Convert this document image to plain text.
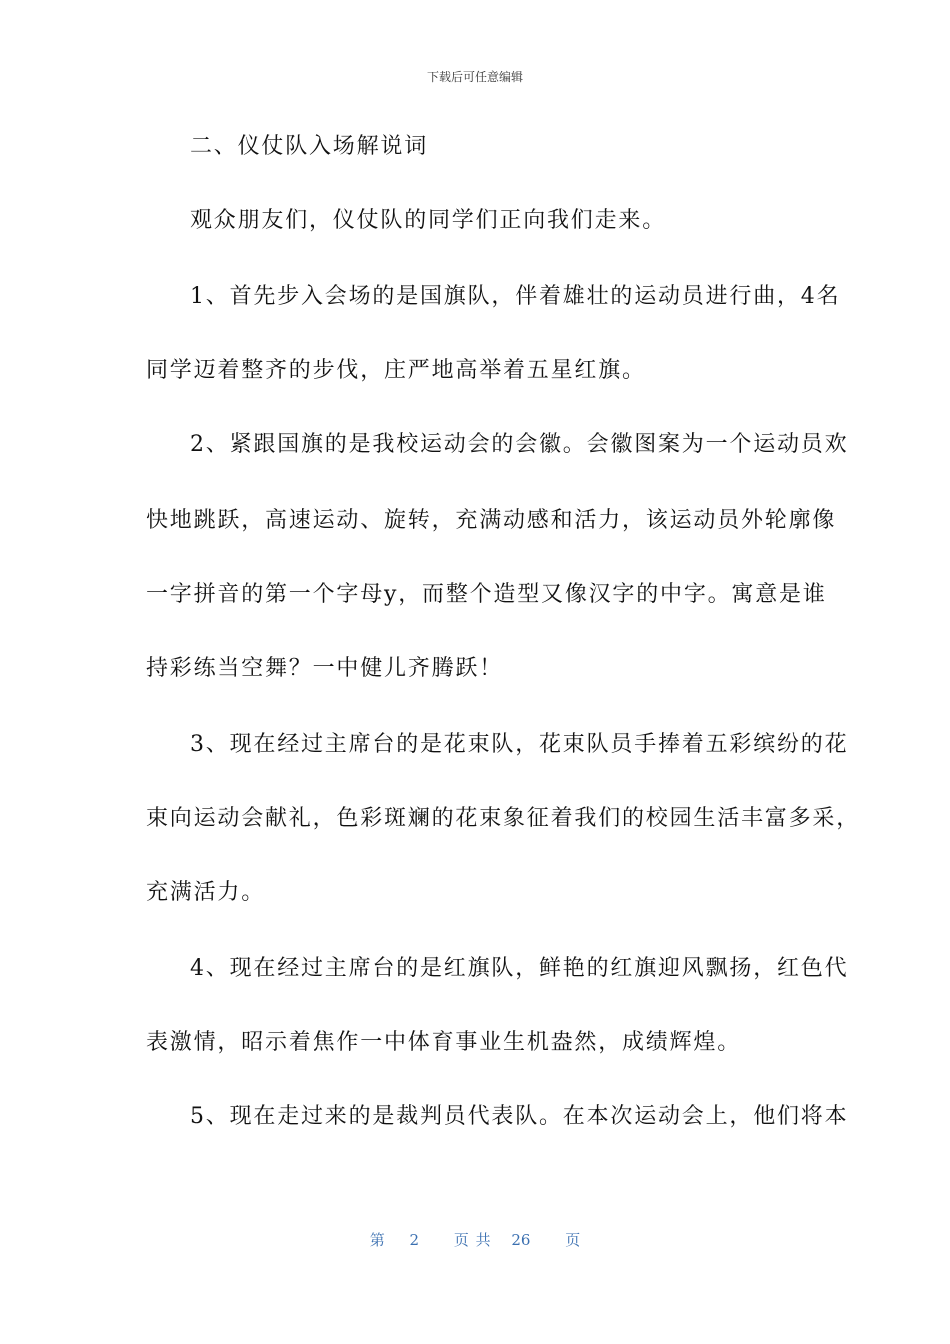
下载后可任意编辑
二、仪仗队入场解说词
观众朋友们，仪仗队的同学们正向我们走来。
1、首先步入会场的是国旗队，伴着雄壮的运动员进行曲，4名
同学迈着整齐的步伐，庄严地高举着五星红旗。
2、紧跟国旗的是我校运动会的会徽。会徽图案为一个运动员欢
快地跳跃，高速运动、旋转，充满动感和活力，该运动员外轮廓像
一字拼音的第一个字母y，而整个造型又像汉字的中字。寓意是谁
持彩练当空舞？一中健儿齐腾跃！
3、现在经过主席台的是花束队，花束队员手捧着五彩缤纷的花
束向运动会献礼，色彩斑斓的花束象征着我们的校园生活丰富多采，
充满活力。
4、现在经过主席台的是红旗队，鲜艳的红旗迎风飘扬，红色代
表激情，昭示着焦作一中体育事业生机盎然，成绩辉煌。
5、现在走过来的是裁判员代表队。在本次运动会上，他们将本
第 2 页 共 26 页
